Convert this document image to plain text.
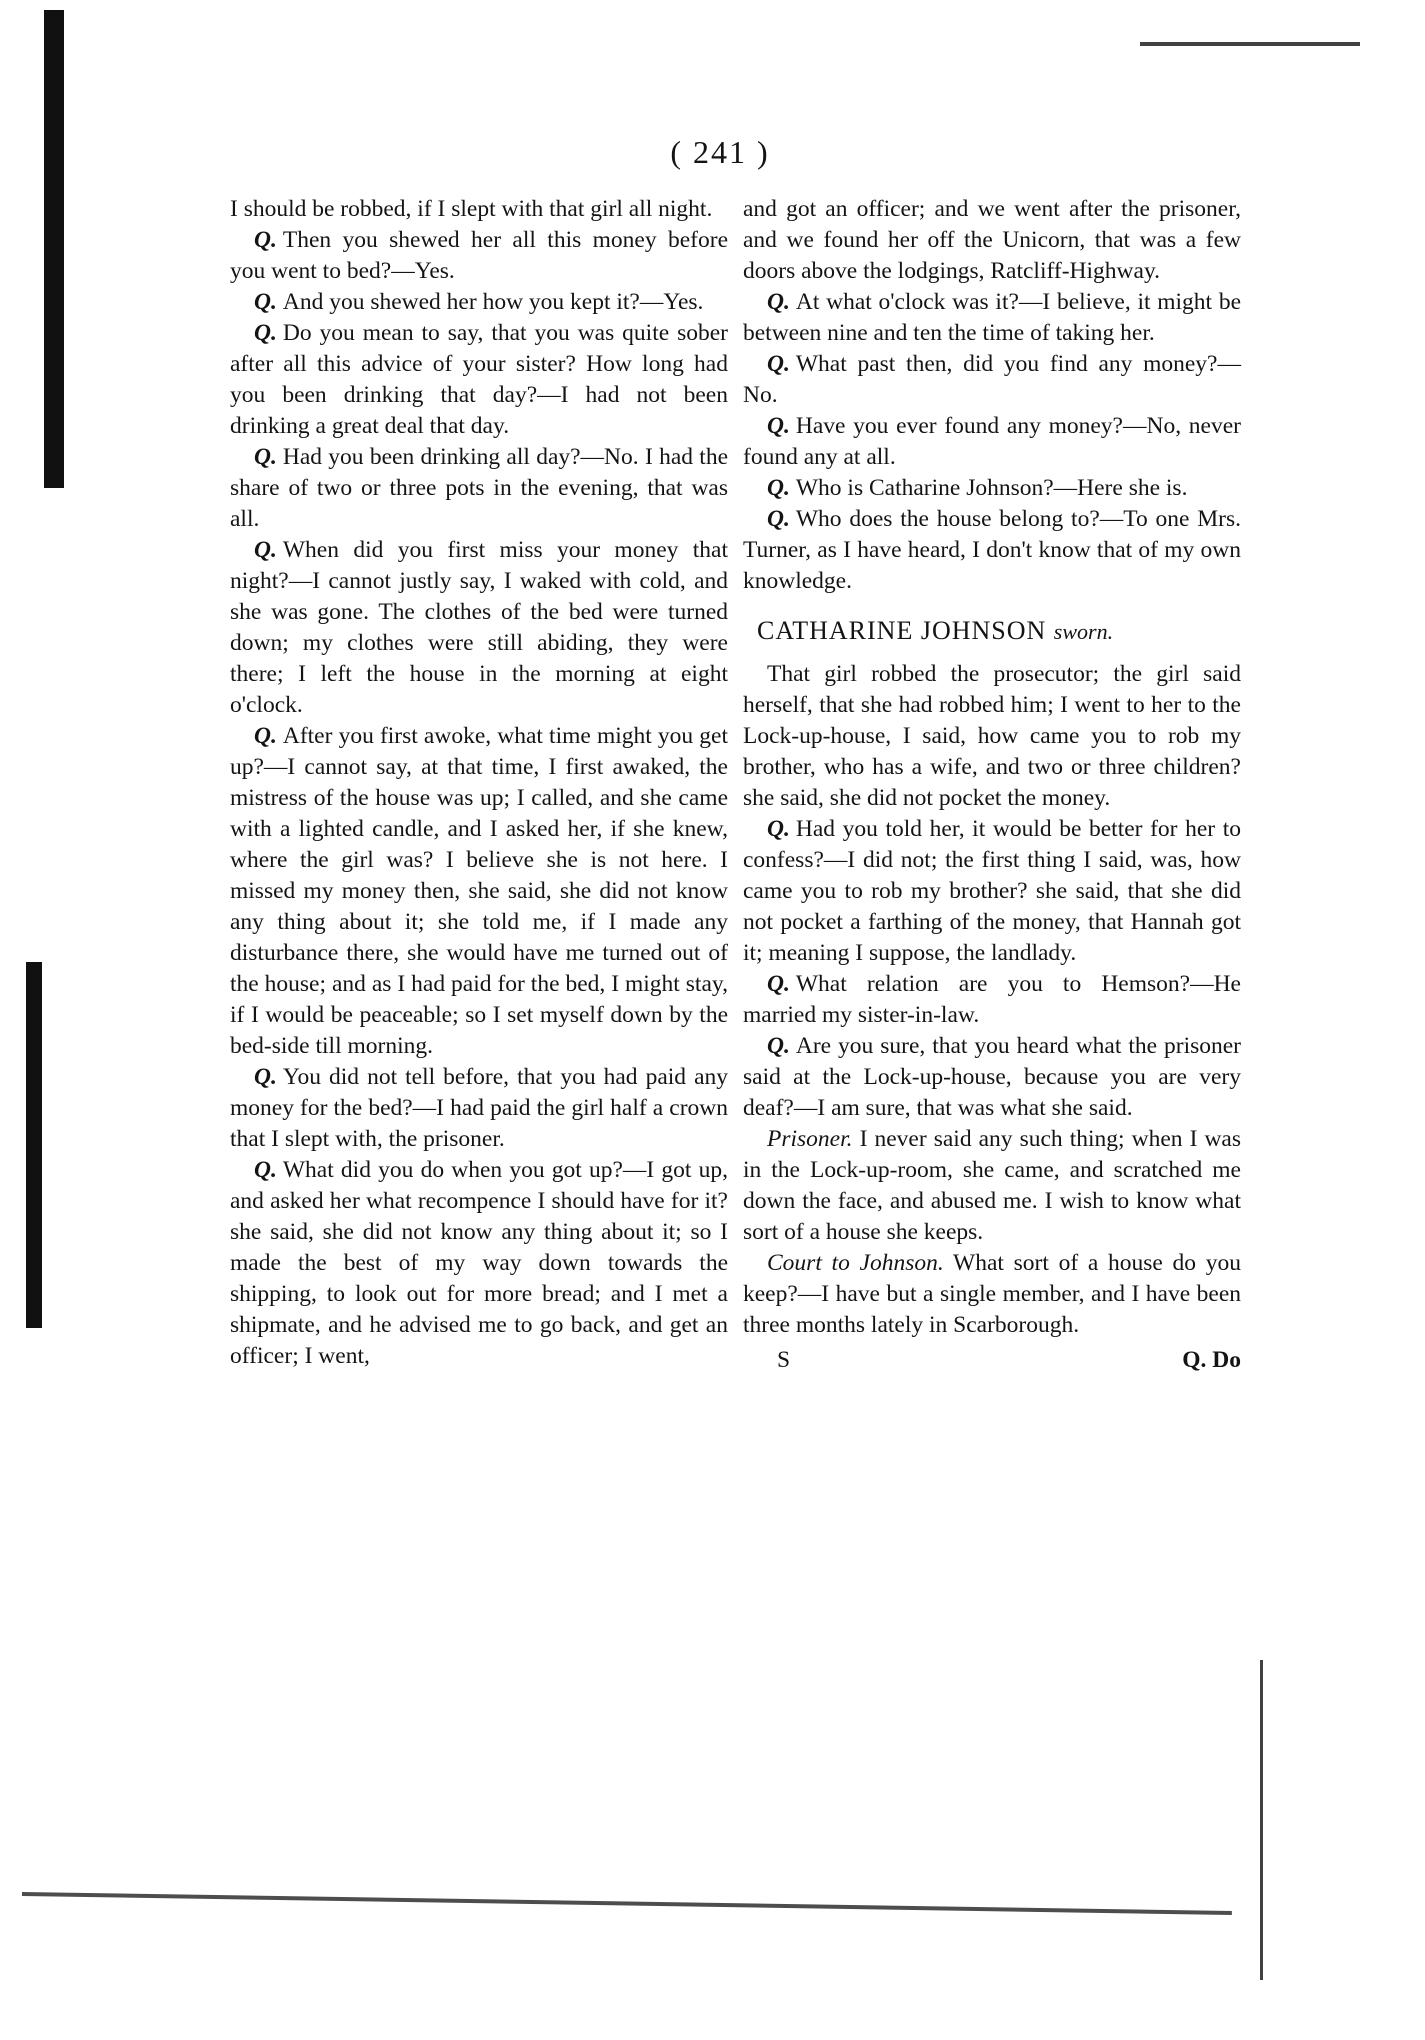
( 241 )

I should be robbed, if I slept with that girl all night.

Q. Then you shewed her all this money before you went to bed?—Yes.

Q. And you shewed her how you kept it?—Yes.

Q. Do you mean to say, that you was quite sober after all this advice of your sister? How long had you been drinking that day?—I had not been drinking a great deal that day.

Q. Had you been drinking all day?—No. I had the share of two or three pots in the evening, that was all.

Q. When did you first miss your money that night?—I cannot justly say, I waked with cold, and she was gone. The clothes of the bed were turned down; my clothes were still abiding, they were there; I left the house in the morning at eight o'clock.

Q. After you first awoke, what time might you get up?—I cannot say, at that time, I first awaked, the mistress of the house was up; I called, and she came with a lighted candle, and I asked her, if she knew, where the girl was? I believe she is not here. I missed my money then, she said, she did not know any thing about it; she told me, if I made any disturbance there, she would have me turned out of the house; and as I had paid for the bed, I might stay, if I would be peaceable; so I set myself down by the bed-side till morning.

Q. You did not tell before, that you had paid any money for the bed?—I had paid the girl half a crown that I slept with, the prisoner.

Q. What did you do when you got up?—I got up, and asked her what recompence I should have for it? she said, she did not know any thing about it; so I made the best of my way down towards the shipping, to look out for more bread; and I met a shipmate, and he advised me to go back, and get an officer; I went,

and got an officer; and we went after the prisoner, and we found her off the Unicorn, that was a few doors above the lodgings, Ratcliff-Highway.

Q. At what o'clock was it?—I believe, it might be between nine and ten the time of taking her.

Q. What past then, did you find any money?—No.

Q. Have you ever found any money?—No, never found any at all.

Q. Who is Catharine Johnson?—Here she is.

Q. Who does the house belong to?—To one Mrs. Turner, as I have heard, I don't know that of my own knowledge.

CATHARINE JOHNSON sworn.

That girl robbed the prosecutor; the girl said herself, that she had robbed him; I went to her to the Lock-up-house, I said, how came you to rob my brother, who has a wife, and two or three children? she said, she did not pocket the money.

Q. Had you told her, it would be better for her to confess?—I did not; the first thing I said, was, how came you to rob my brother? she said, that she did not pocket a farthing of the money, that Hannah got it; meaning I suppose, the landlady.

Q. What relation are you to Hemson?—He married my sister-in-law.

Q. Are you sure, that you heard what the prisoner said at the Lock-up-house, because you are very deaf?—I am sure, that was what she said.

Prisoner. I never said any such thing; when I was in the Lock-up-room, she came, and scratched me down the face, and abused me. I wish to know what sort of a house she keeps.

Court to Johnson. What sort of a house do you keep?—I have but a single member, and I have been three months lately in Scarborough.

S	Q. Do
